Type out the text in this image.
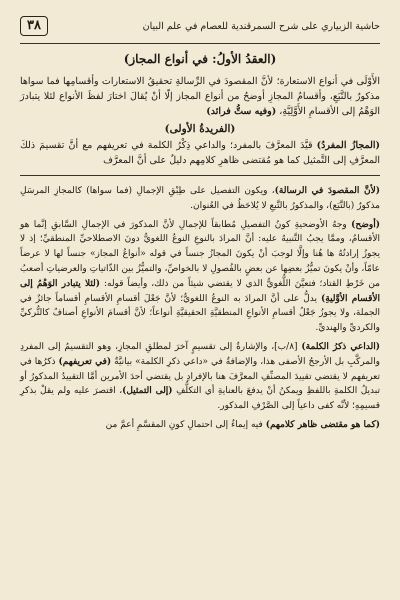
حاشية الزبياري على شرح السمرقندية للعصام في علم البيان
٣٨
(العقدُ الأولُ: في أنواع المجاز)

الأَوْلَى في أنواع الاستعارة؛ لأنَّ المقصودَ في الرِّسالةِ تحقيقُ الاستعارات وأقسامِها فما سواها مذكورٌ بالتَّبَعِ، وأقسامُ المجازِ أوضحُ من أنواع المجاز إلّا أنْ يُقالَ اختارَ لفظَ الأنواع لئلا يتبادرَ الوَهْمُ إلى الأقسامِ الأَوَّلِيَّةِ، (وفيه ستُّ فرائد)

(الفريدةُ الأولى)

(المجازُ المفردُ) قيَّدَ المعرَّفَ بالمفرد؛ والداعي ذِكْرُ الكلمة في تعريفهم مع أنَّ تقسيمَ ذلكَ المعرَّفِ إلى التَّمثيل كما هو مُقتضى ظاهرِ كلامِهم دليلٌ على أنَّ المعرَّف

(لأنَّ المقصودَ في الرسالة)، ويكون التفصيل على طِبْقِ الإجمالِ (فما سواها) كالمجازِ المرسَلِ مذكورٌ (بالتَّبَع)، والمذكورُ بالتَّبعِ لا يُلاحَظُ في العُنوان.

(أوضح) وجهُ الأوضحيةِ كونُ التفصيلِ مُطابقاً للإجمالِ لأنَّ المذكورَ في الإجمالِ السَّابقِ إنَّما هو الأقسامُ، وممَّا يجبُ التَّنبيهُ عليه: أنَّ المرادَ بالنوعِ النوعُ اللغويُّ دونَ الاصطلاحيِّ المنطقيِّ؛ إذ لا يجوزُ إرادتُهُ ها هُنا وإلَّا لوجبَ أنْ يكونَ المجازُ جنساً في قوله «أنواعُ المجاز» جنساً لها لا عرضاً عامّاً، وأنْ يكونَ تميُّزُ بعضِها عن بعضٍ بالفُصولِ لا بالخواصِّ، والتميُّزُ بين الذّاتياتِ والعرضياتِ أصعبُ من خَرْطِ القتاد؛ فتعيَّنَ اللُّغويُّ الذي لا يقتضي شيئاً من ذلك، وأيضاً قوله: (لئلا يتبادر الوَهْمُ إلى الأقسام الأوَّليةِ) يدلُّ على أنَّ المرادَ به النوعُ اللغويُّ؛ لأنَّ جَعْلَ أقسامِ الأقسامِ أقساماً جائزٌ في الجملة، ولا يجوزُ جَعْلُ أقسامِ الأنواعِ المنطقيَّةِ الحقيقيَّةِ أنواعاً؛ لأنَّ أقسامَ الأنواعِ أصنافٌ كالتُّركيِّ والكرديِّ والهنديِّ.

(الداعي ذكرُ الكلمة) [٨/ب]، والإشارةُ إلى تقسيمٍ آخرَ لمطلقِ المجازِ، وهو التقسيمُ إلى المفردِ والمركَّبِ بل الأرجحُ الأصفى هذا، والإضافةُ في «داعي ذكرِ الكلمة» بيانيَّةٌ (في تعريفهم) ذكرُها في تعريفهم لا يقتضي تقييدَ المصنِّفِ المعرَّفَ هنا بالإفرادِ بل يقتضي أحدَ الأمرين أمَّا التقييدُ المذكورُ أو تبديلُ الكلمةِ باللفظِ ويمكنُ أنْ يدفعَ بالعنايةِ أي التكلُّفِ (إلى التمثيل)، اقتصرَ عليه ولم يقلْ بذكرِ قسيمِهِ؛ لأنَّه كفى داعياً إلى الصَّرْفِ المذكور.

(كما هو مقتضى ظاهر كلامهم) فيه إيماءٌ إلى احتمالِ كونِ المقسَّمِ أعمَّ من
